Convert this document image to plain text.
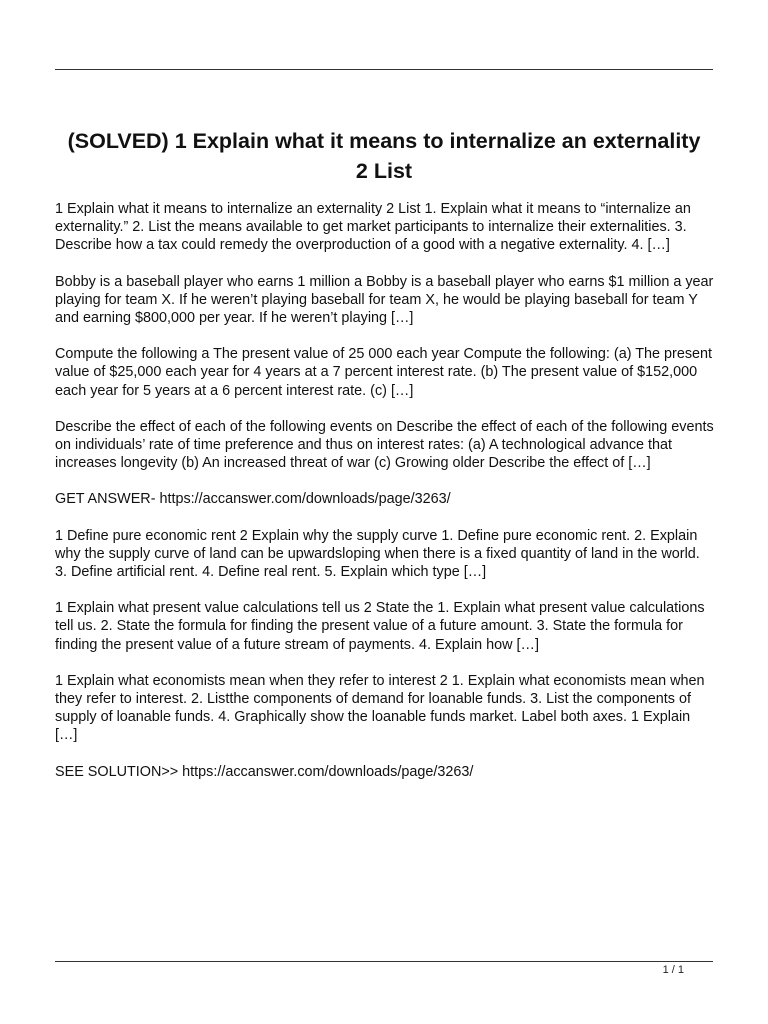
(SOLVED) 1 Explain what it means to internalize an externality 2 List

1 Explain what it means to internalize an externality 2 List 1. Explain what it means to “internalize an externality.” 2. List the means available to get market participants to internalize their externalities. 3. Describe how a tax could remedy the overproduction of a good with a negative externality. 4. […]

Bobby is a baseball player who earns 1 million a Bobby is a baseball player who earns $1 million a year playing for team X. If he weren’t playing baseball for team X, he would be playing baseball for team Y and earning $800,000 per year. If he weren’t playing […]

Compute the following a The present value of 25 000 each year Compute the following: (a) The present value of $25,000 each year for 4 years at a 7 percent interest rate. (b) The present value of $152,000 each year for 5 years at a 6 percent interest rate. (c) […]

Describe the effect of each of the following events on Describe the effect of each of the following events on individuals’ rate of time preference and thus on interest rates: (a) A technological advance that increases longevity (b) An increased threat of war (c) Growing older Describe the effect of […]

GET ANSWER- https://accanswer.com/downloads/page/3263/

1 Define pure economic rent 2 Explain why the supply curve 1. Define pure economic rent. 2. Explain why the supply curve of land can be upwardsloping when there is a fixed quantity of land in the world. 3. Define artificial rent. 4. Define real rent. 5. Explain which type […]

1 Explain what present value calculations tell us 2 State the 1. Explain what present value calculations tell us. 2. State the formula for finding the present value of a future amount. 3. State the formula for finding the present value of a future stream of payments. 4. Explain how […]

1 Explain what economists mean when they refer to interest 2 1. Explain what economists mean when they refer to interest. 2. Listthe components of demand for loanable funds. 3. List the components of supply of loanable funds. 4. Graphically show the loanable funds market. Label both axes. 1 Explain […]

SEE SOLUTION>> https://accanswer.com/downloads/page/3263/

1 / 1
